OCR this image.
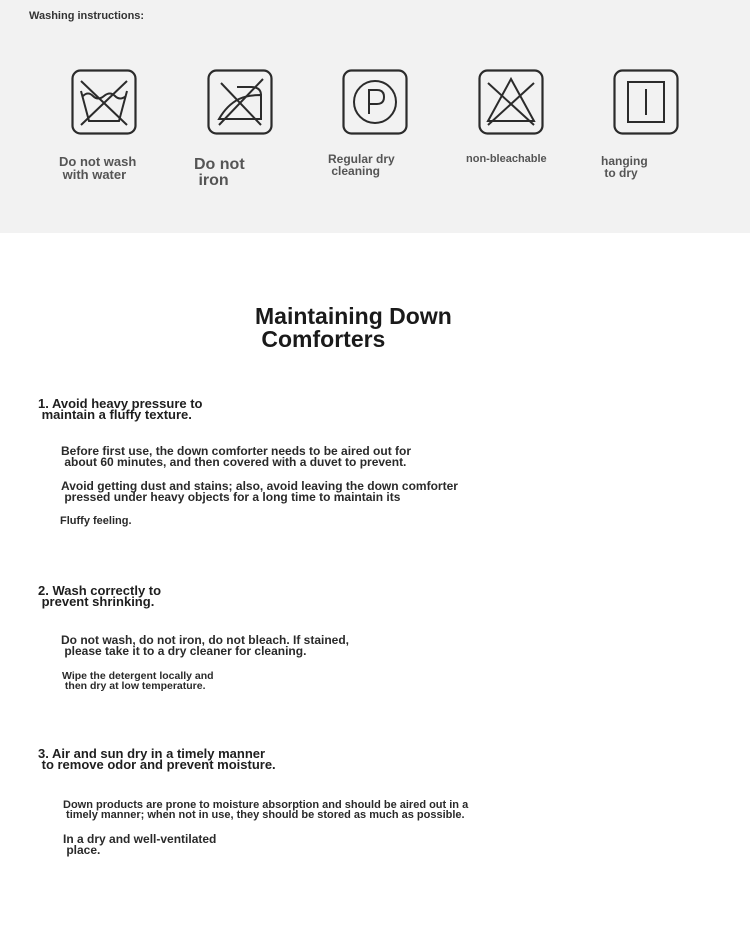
Washing instructions:
Do not wash
with water
Do not
iron
Regular dry
cleaning
non-bleachable	hanging
to dry
Maintaining Down
Comforters
1. Avoid heavy pressure to
maintain a fluffy texture.
Before first use, the down comforter needs to be aired out for
about 60 minutes, and then covered with a duvet to prevent.
Avoid getting dust and stains; also, avoid leaving the down comforter
pressed under heavy objects for a long time to maintain its
Fluffy feeling.
2. Wash correctly to
prevent shrinking.
Do not wash, do not iron, do not bleach. If stained,
please take it to a dry cleaner for cleaning.
Wipe the detergent locally and
then dry at low temperature.
3. Air and sun dry in a timely manner
to remove odor and prevent moisture.
Down products are prone to moisture absorption and should be aired out in a
timely manner; when not in use, they should be stored as much as possible.
In a dry and well-ventilated
place.
